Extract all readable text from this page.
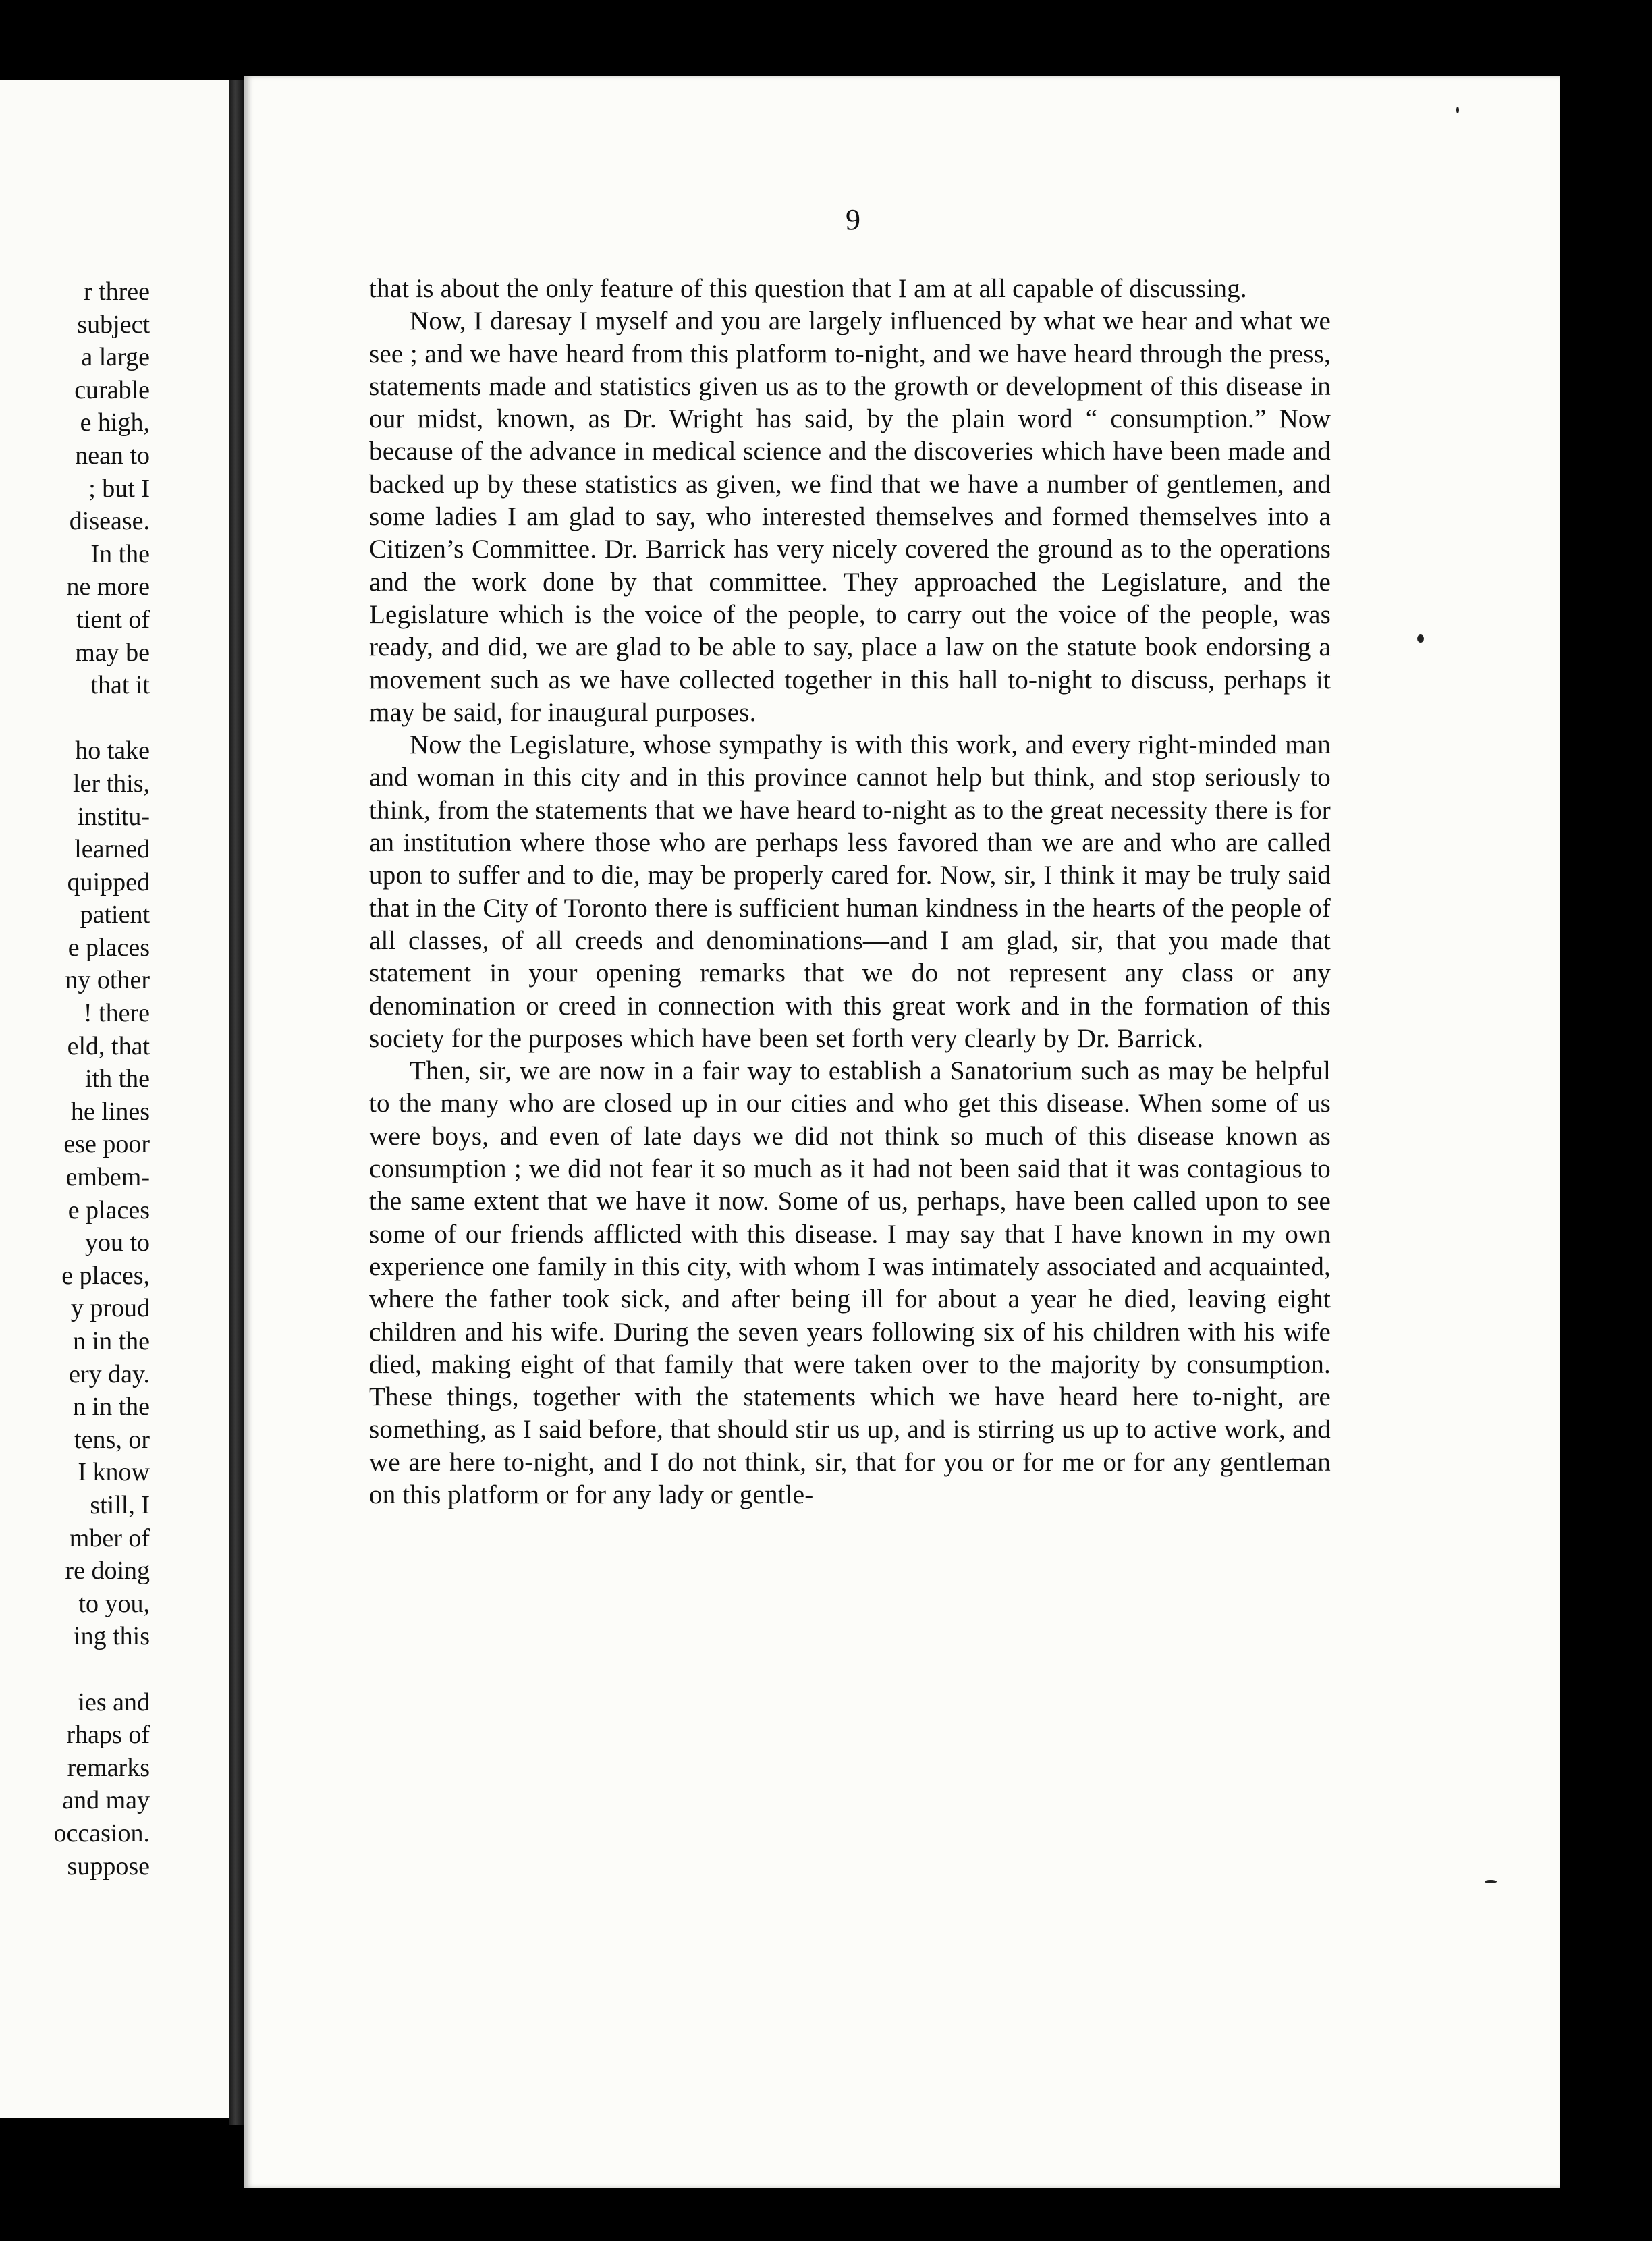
r three
subject
a large
curable
e high,
nean to
; but I
disease.
In the
ne more
tient of
may be
that it

ho take
ler this,
institu-
learned
quipped
patient
e places
ny other
! there
eld, that
ith the
he lines
ese poor
embem-
e places
you to
e places,
y proud
n in the
ery day.
n in the
tens, or
I know
still, I
mber of
re doing
to you,
ing this

ies and
rhaps of
remarks
and may
occasion.
suppose
9

that is about the only feature of this question that I am at all capable of discussing.

Now, I daresay I myself and you are largely influenced by what we hear and what we see ; and we have heard from this platform to-night, and we have heard through the press, statements made and statistics given us as to the growth or development of this disease in our midst, known, as Dr. Wright has said, by the plain word “ consumption.” Now because of the advance in medical science and the discoveries which have been made and backed up by these statistics as given, we find that we have a number of gentlemen, and some ladies I am glad to say, who interested themselves and formed themselves into a Citizen’s Committee. Dr. Barrick has very nicely covered the ground as to the operations and the work done by that committee. They approached the Legislature, and the Legislature which is the voice of the people, to carry out the voice of the people, was ready, and did, we are glad to be able to say, place a law on the statute book endorsing a movement such as we have collected together in this hall to-night to discuss, perhaps it may be said, for inaugural purposes.

Now the Legislature, whose sympathy is with this work, and every right-minded man and woman in this city and in this province cannot help but think, and stop seriously to think, from the statements that we have heard to-night as to the great necessity there is for an institution where those who are perhaps less favored than we are and who are called upon to suffer and to die, may be properly cared for. Now, sir, I think it may be truly said that in the City of Toronto there is sufficient human kindness in the hearts of the people of all classes, of all creeds and denominations—and I am glad, sir, that you made that statement in your opening remarks that we do not represent any class or any denomination or creed in connection with this great work and in the formation of this society for the purposes which have been set forth very clearly by Dr. Barrick.

Then, sir, we are now in a fair way to establish a Sanatorium such as may be helpful to the many who are closed up in our cities and who get this disease. When some of us were boys, and even of late days we did not think so much of this disease known as consumption ; we did not fear it so much as it had not been said that it was contagious to the same extent that we have it now. Some of us, perhaps, have been called upon to see some of our friends afflicted with this disease. I may say that I have known in my own experience one family in this city, with whom I was intimately associated and acquainted, where the father took sick, and after being ill for about a year he died, leaving eight children and his wife. During the seven years following six of his children with his wife died, making eight of that family that were taken over to the majority by consumption. These things, together with the statements which we have heard here to-night, are something, as I said before, that should stir us up, and is stirring us up to active work, and we are here to-night, and I do not think, sir, that for you or for me or for any gentleman on this platform or for any lady or gentle-
